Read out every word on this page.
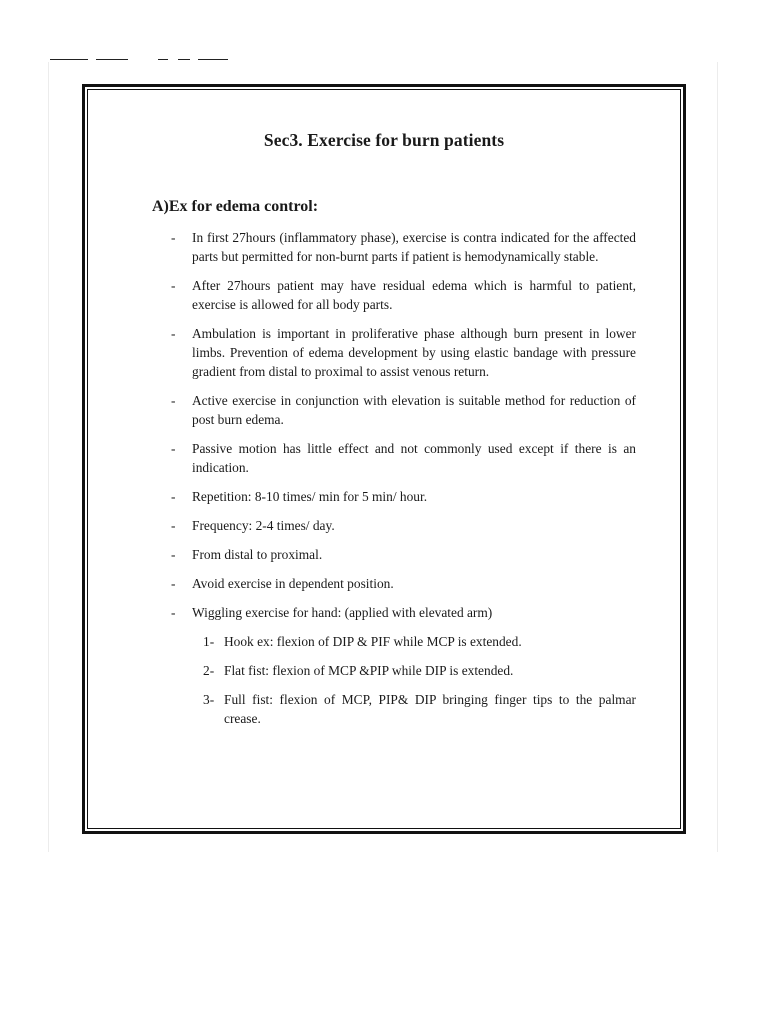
Sec3. Exercise for burn patients
A)Ex for edema control:
- In first 27hours (inflammatory phase), exercise is contra indicated for the affected parts but permitted for non-burnt parts if patient is hemodynamically stable.
- After 27hours patient may have residual edema which is harmful to patient, exercise is allowed for all body parts.
- Ambulation is important in proliferative phase although burn present in lower limbs. Prevention of edema development by using elastic bandage with pressure gradient from distal to proximal to assist venous return.
- Active exercise in conjunction with elevation is suitable method for reduction of post burn edema.
- Passive motion has little effect and not commonly used except if there is an indication.
- Repetition: 8-10 times/ min for 5 min/ hour.
- Frequency: 2-4 times/ day.
- From distal to proximal.
- Avoid exercise in dependent position.
- Wiggling exercise for hand: (applied with elevated arm)
1- Hook ex: flexion of DIP & PIF while MCP is extended.
2- Flat fist: flexion of MCP &PIP while DIP is extended.
3- Full fist: flexion of MCP, PIP& DIP bringing finger tips to the palmar crease.
